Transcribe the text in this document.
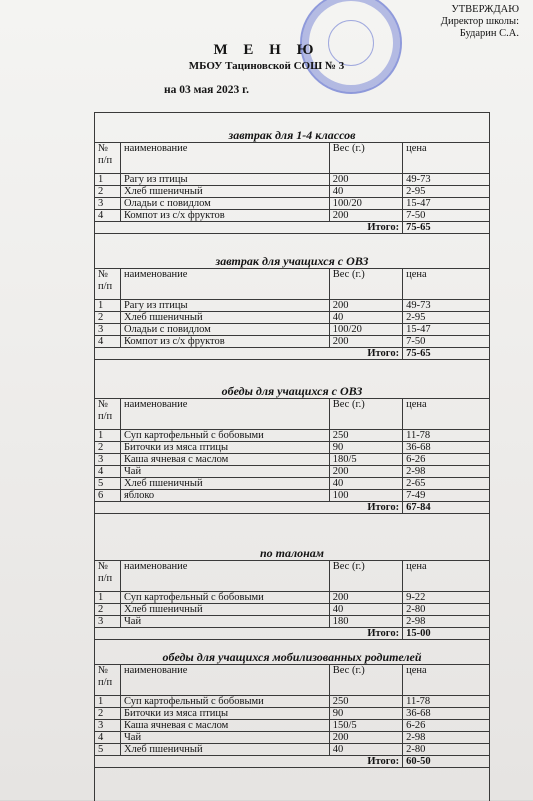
УТВЕРЖДАЮ
Директор школы:
Бударин С.А.
М Е Н Ю
МБОУ Тациновской СОШ № 3
на 03 мая 2023 г.
завтрак для 1-4 классов
№
п/п	наименование	Вес (г.)	цена
1	Рагу из птицы	200	49-73
2	Хлеб пшеничный	40	2-95
3	Оладьи с повидлом	100/20	15-47
4	Компот из с/х фруктов	200	7-50
Итого:			75-65
завтрак для учащихся с ОВЗ
№
п/п	наименование	Вес (г.)	цена
1	Рагу из птицы	200	49-73
2	Хлеб пшеничный	40	2-95
3	Оладьи с повидлом	100/20	15-47
4	Компот из с/х фруктов	200	7-50
Итого:			75-65
обеды для учащихся с ОВЗ
№
п/п	наименование	Вес (г.)	цена
1	Суп картофельный с бобовыми	250	11-78
2	Биточки из мяса птицы	90	36-68
3	Каша ячневая с маслом	180/5	6-26
4	Чай	200	2-98
5	Хлеб пшеничный	40	2-65
6	яблоко	100	7-49
Итого:			67-84
по талонам
№
п/п	наименование	Вес (г.)	цена
1	Суп картофельный с бобовыми	200	9-22
2	Хлеб пшеничный	40	2-80
3	Чай	180	2-98
Итого:			15-00
обеды для учащихся мобилизованных родителей
№
п/п	наименование	Вес (г.)	цена
1	Суп картофельный с бобовыми	250	11-78
2	Биточки из мяса птицы	90	36-68
3	Каша ячневая с маслом	150/5	6-26
4	Чай	200	2-98
5	Хлеб пшеничный	40	2-80
Итого:			60-50
